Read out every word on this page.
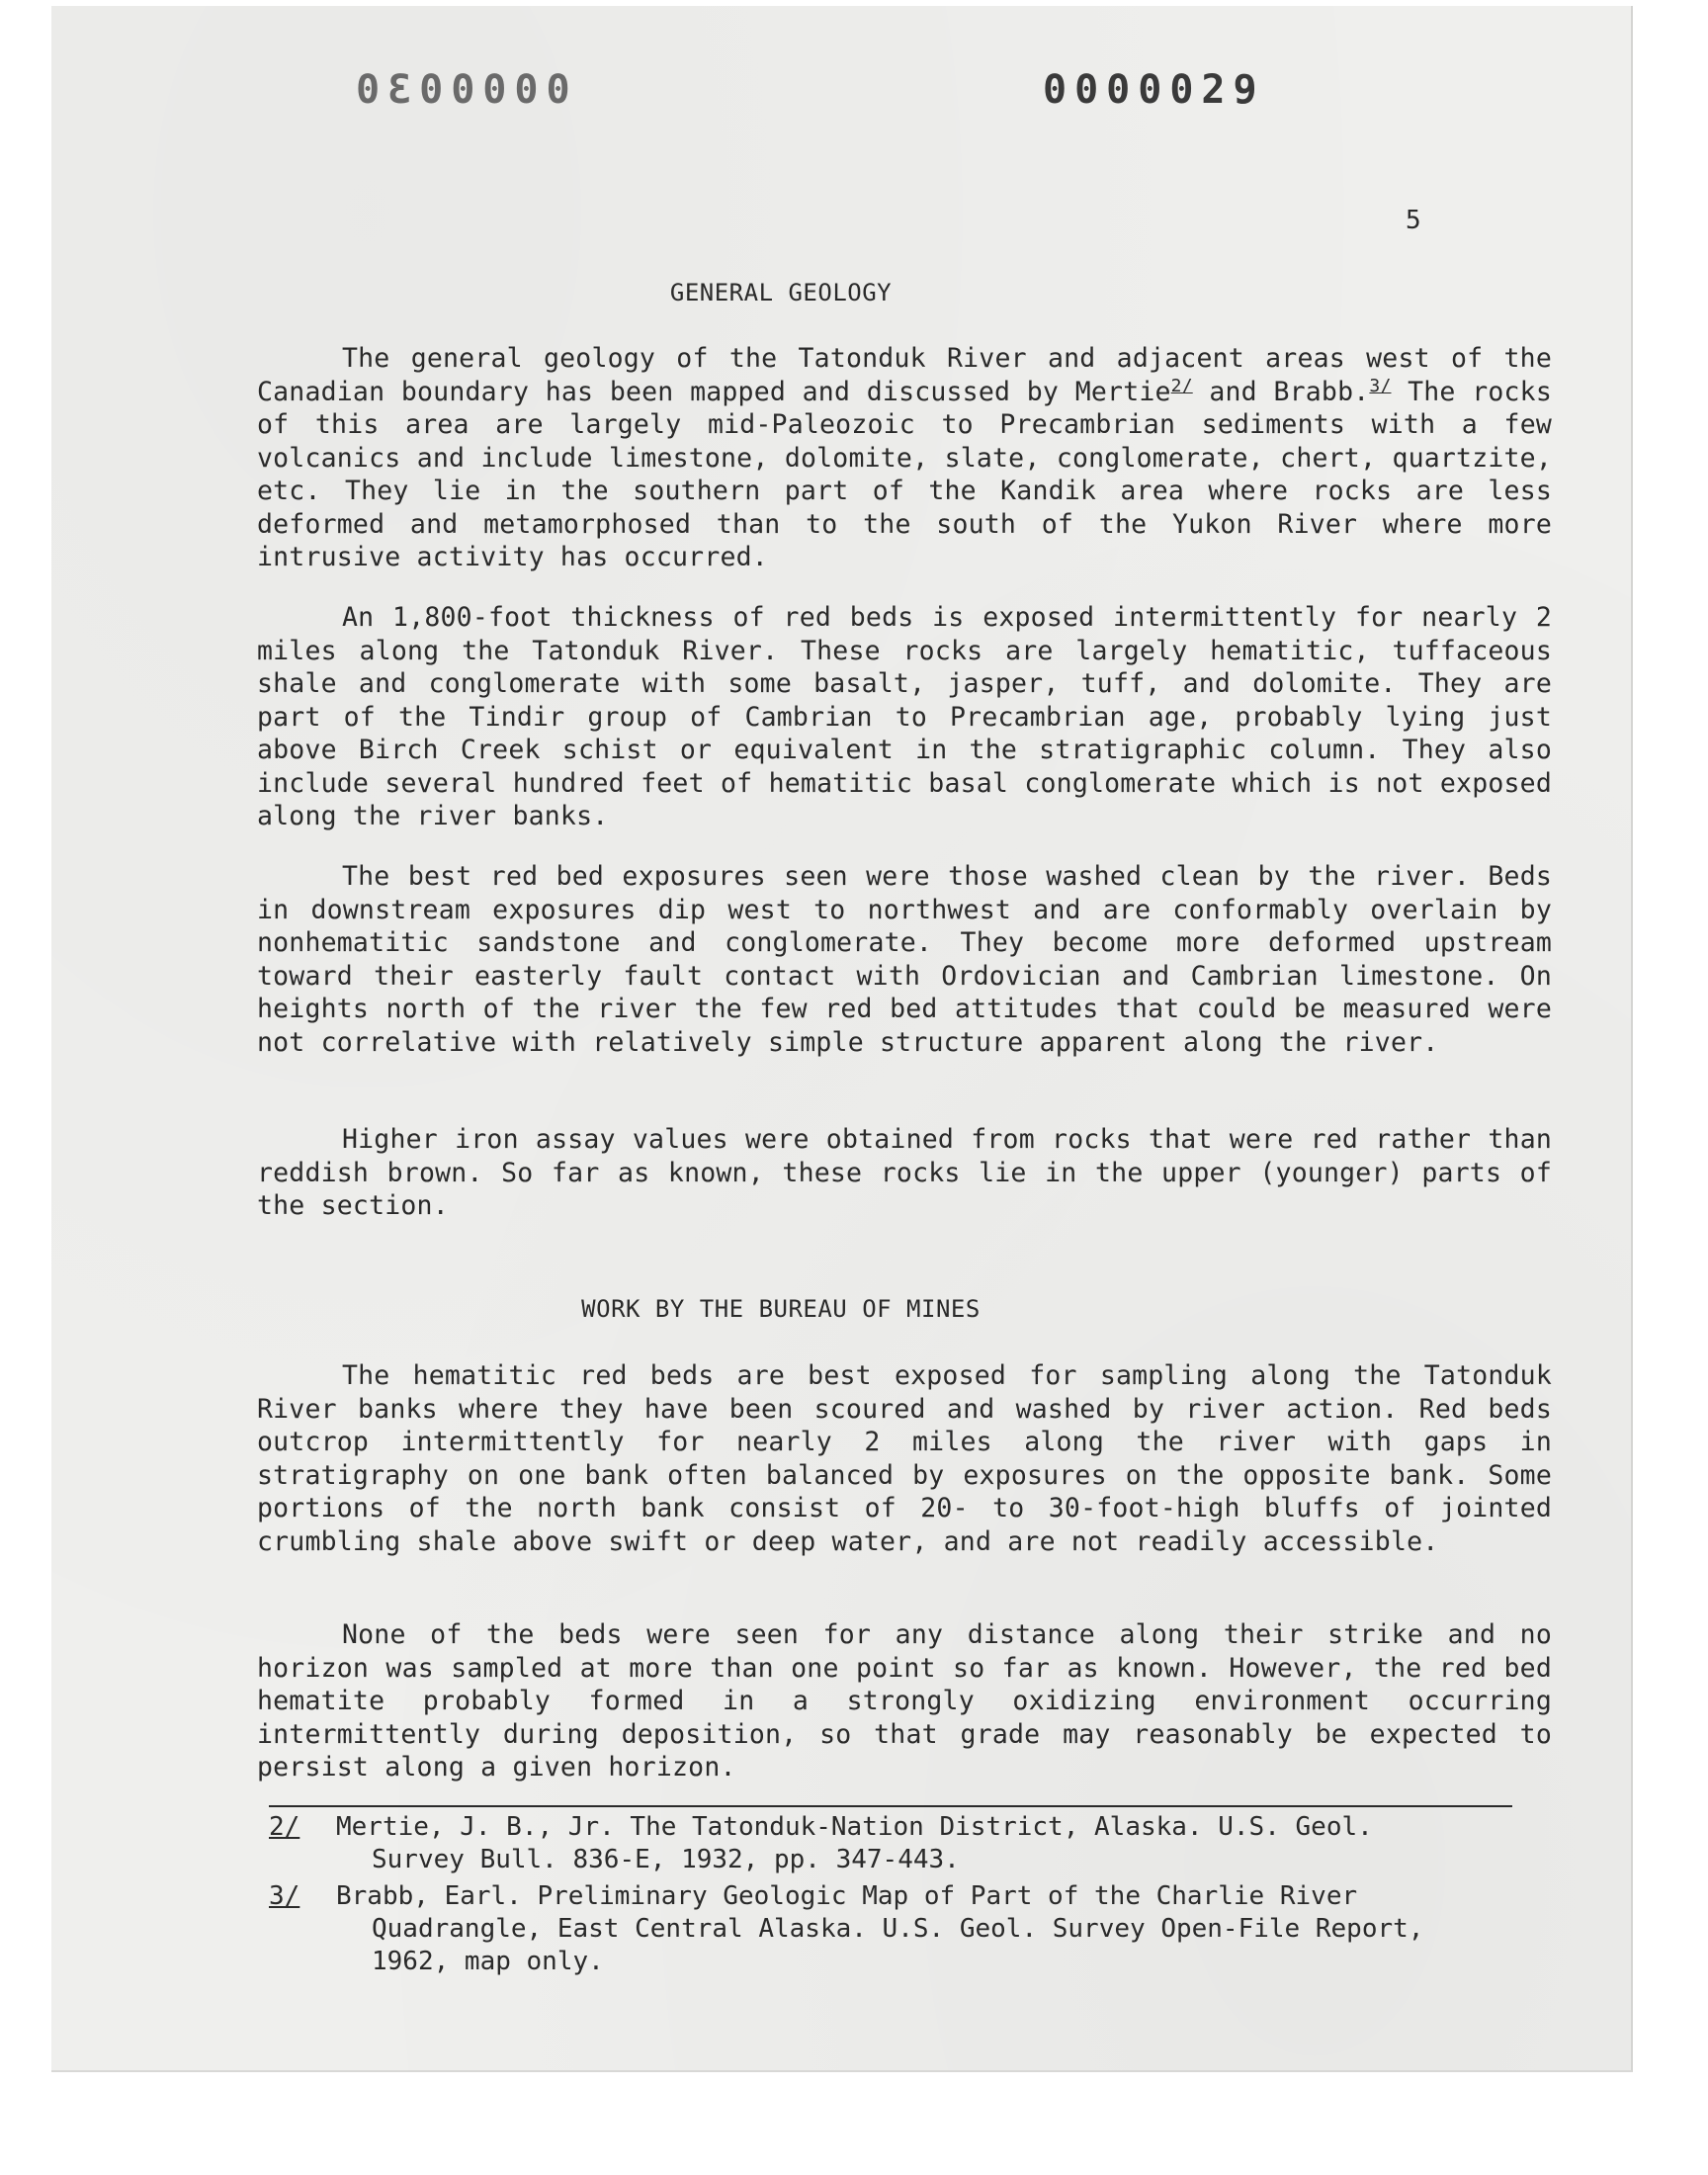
0000030	0000029
5
GENERAL GEOLOGY

The general geology of the Tatonduk River and adjacent areas west of the Canadian boundary has been mapped and discussed by Mertie$^{2/}$ and Brabb.$^{3/}$ The rocks of this area are largely mid-Paleozoic to Precambrian sediments with a few volcanics and include limestone, dolomite, slate, conglomerate, chert, quartzite, etc. They lie in the southern part of the Kandik area where rocks are less deformed and metamorphosed than to the south of the Yukon River where more intrusive activity has occurred.

An 1,800-foot thickness of red beds is exposed intermittently for nearly 2 miles along the Tatonduk River. These rocks are largely hematitic, tuffaceous shale and conglomerate with some basalt, jasper, tuff, and dolomite. They are part of the Tindir group of Cambrian to Precambrian age, probably lying just above Birch Creek schist or equivalent in the stratigraphic column. They also include several hundred feet of hematitic basal conglomerate which is not exposed along the river banks.

The best red bed exposures seen were those washed clean by the river. Beds in downstream exposures dip west to northwest and are conformably overlain by nonhematitic sandstone and conglomerate. They become more deformed upstream toward their easterly fault contact with Ordovician and Cambrian limestone. On heights north of the river the few red bed attitudes that could be measured were not correlative with relatively simple structure apparent along the river.

Higher iron assay values were obtained from rocks that were red rather than reddish brown. So far as known, these rocks lie in the upper (younger) parts of the section.

WORK BY THE BUREAU OF MINES

The hematitic red beds are best exposed for sampling along the Tatonduk River banks where they have been scoured and washed by river action. Red beds outcrop intermittently for nearly 2 miles along the river with gaps in stratigraphy on one bank often balanced by exposures on the opposite bank. Some portions of the north bank consist of 20- to 30-foot-high bluffs of jointed crumbling shale above swift or deep water, and are not readily accessible.

None of the beds were seen for any distance along their strike and no horizon was sampled at more than one point so far as known. However, the red bed hematite probably formed in a strongly oxidizing environment occurring intermittently during deposition, so that grade may reasonably be expected to persist along a given horizon.

2/ Mertie, J. B., Jr. The Tatonduk-Nation District, Alaska. U.S. Geol.
Survey Bull. 836-E, 1932, pp. 347-443.
3/ Brabb, Earl. Preliminary Geologic Map of Part of the Charlie River
Quadrangle, East Central Alaska. U.S. Geol. Survey Open-File Report,
1962, map only.
